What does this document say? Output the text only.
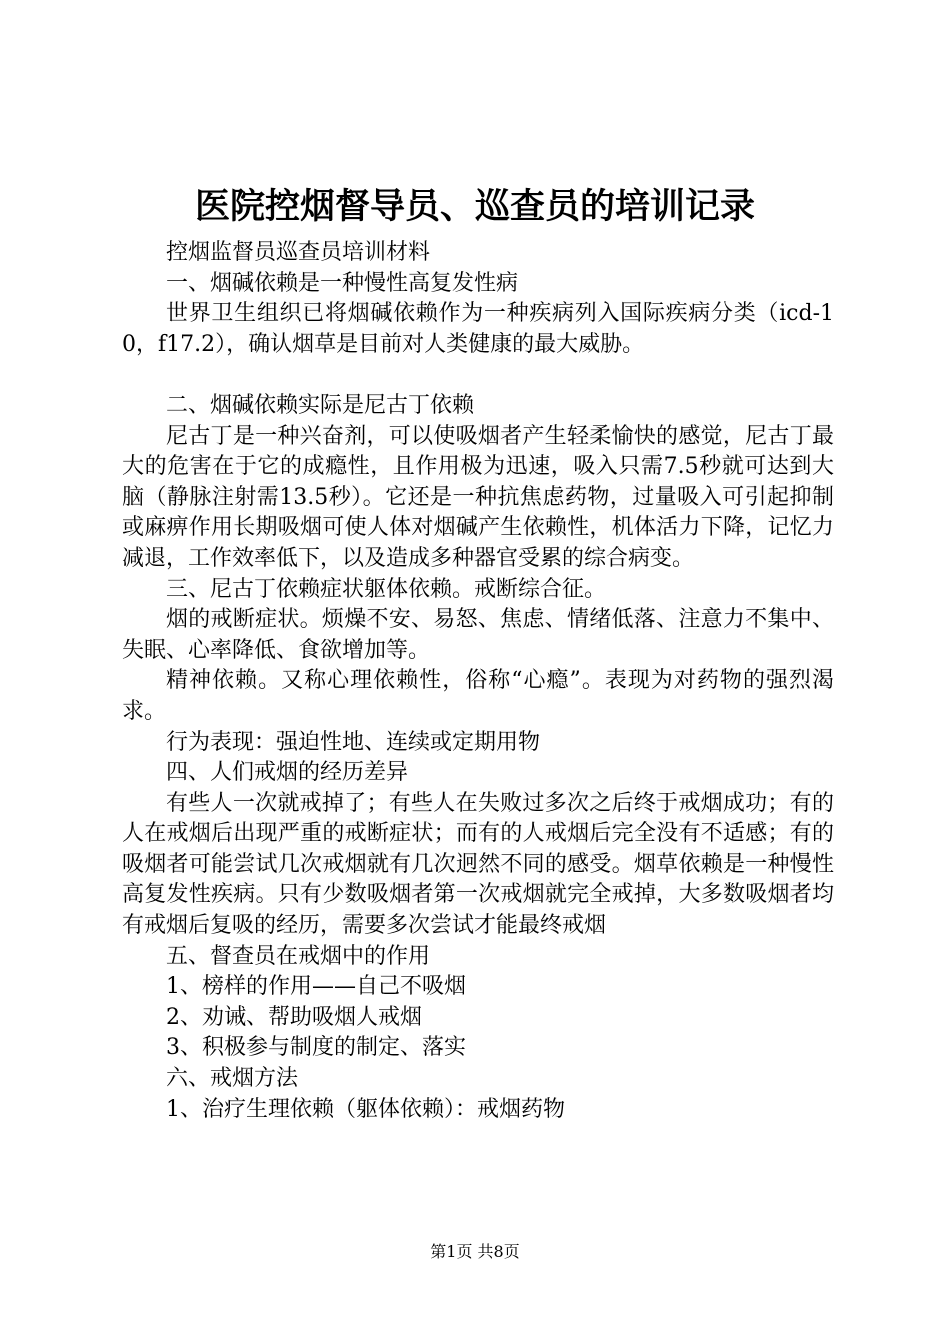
医院控烟督导员、巡查员的培训记录

控烟监督员巡查员培训材料

一、烟碱依赖是一种慢性高复发性病

世界卫生组织已将烟碱依赖作为一种疾病列入国际疾病分类（icd-10，f17.2），确认烟草是目前对人类健康的最大威胁。

二、烟碱依赖实际是尼古丁依赖

尼古丁是一种兴奋剂，可以使吸烟者产生轻柔愉快的感觉，尼古丁最大的危害在于它的成瘾性，且作用极为迅速，吸入只需7.5秒就可达到大脑（静脉注射需13.5秒）。它还是一种抗焦虑药物，过量吸入可引起抑制或麻痹作用长期吸烟可使人体对烟碱产生依赖性，机体活力下降，记忆力减退，工作效率低下，以及造成多种器官受累的综合病变。

三、尼古丁依赖症状躯体依赖。戒断综合征。

烟的戒断症状。烦燥不安、易怒、焦虑、情绪低落、注意力不集中、失眠、心率降低、食欲增加等。

精神依赖。又称心理依赖性，俗称“心瘾”。表现为对药物的强烈渴求。

行为表现：强迫性地、连续或定期用物

四、人们戒烟的经历差异

有些人一次就戒掉了；有些人在失败过多次之后终于戒烟成功；有的人在戒烟后出现严重的戒断症状；而有的人戒烟后完全没有不适感；有的吸烟者可能尝试几次戒烟就有几次迥然不同的感受。烟草依赖是一种慢性高复发性疾病。只有少数吸烟者第一次戒烟就完全戒掉，大多数吸烟者均有戒烟后复吸的经历，需要多次尝试才能最终戒烟

五、督查员在戒烟中的作用

1、榜样的作用——自己不吸烟

2、劝诫、帮助吸烟人戒烟

3、积极参与制度的制定、落实

六、戒烟方法

1、治疗生理依赖（躯体依赖）：戒烟药物

第1页 共8页
